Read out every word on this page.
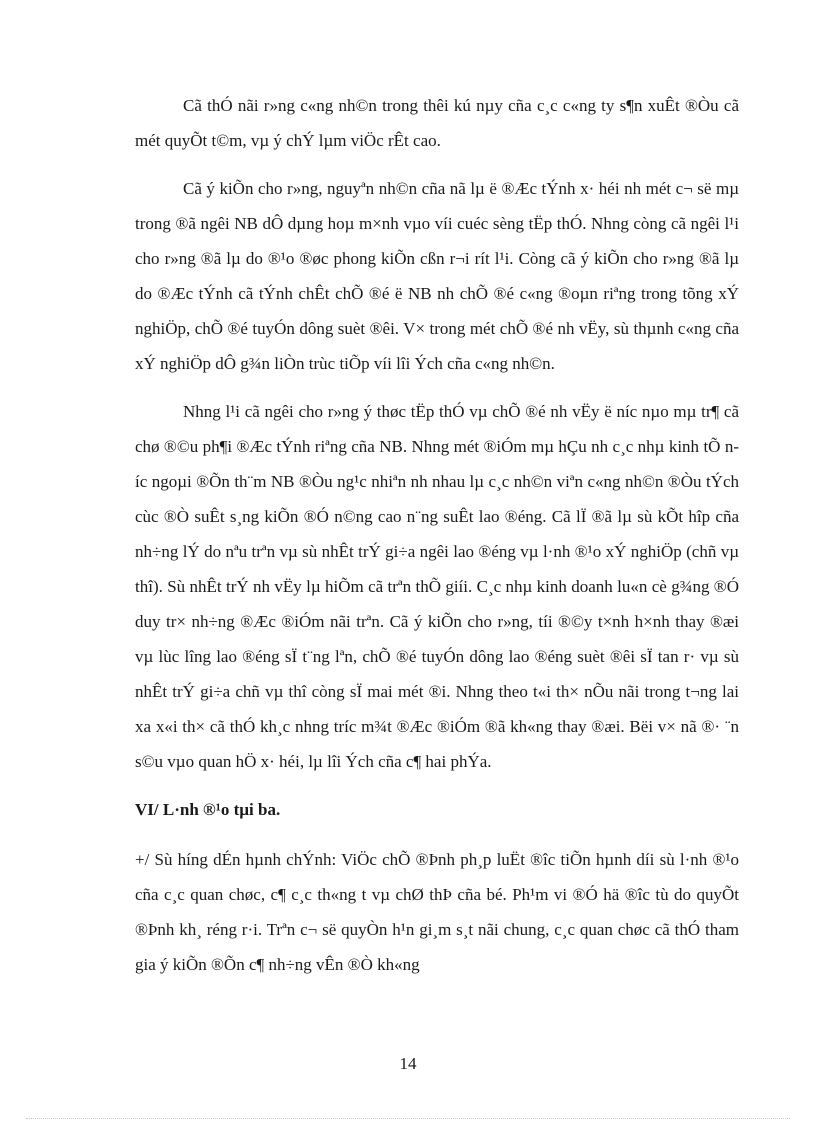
Cã thÓ nãi r»ng c«ng nh©n trong thêi kú nµy cña c¸c c«ng ty s¶n xuÊt ®Òu cã mét quyÕt t©m, vµ ý chÝ lµm viÖc rÊt cao.

Cã ý kiÕn cho r»ng, nguyªn nh©n cña nã lµ ë ®Æc tÝnh x· héi nh mét c¬ së mµ trong ®ã ngêi NB dÔ dµng hoµ m×nh vµo víi cuéc sèng tËp thÓ. Nhng còng cã ngêi l¹i cho r»ng ®ã lµ do ®¹o ®øc phong kiÕn cßn r¬i rít l¹i. Còng cã ý kiÕn cho r»ng ®ã lµ do ®Æc tÝnh cã tÝnh chÊt chÕ ®é ë NB nh chÕ ®é c«ng ®oµn riªng trong tõng xÝ nghiÖp, chÕ ®é tuyÓn dông suèt ®êi. V× trong mét chÕ ®é nh vËy, sù thµnh c«ng cña xÝ nghiÖp dÔ g¾n liÒn trùc tiÕp víi lîi Ých cña c«ng nh©n.

Nhng l¹i cã ngêi cho r»ng ý thøc tËp thÓ vµ chÕ ®é nh vËy ë níc nµo mµ tr¶ cã chø ®©u ph¶i ®Æc tÝnh riªng cña NB. Nhng mét ®iÓm mµ hÇu nh c¸c nhµ kinh tÕ níc ngoµi ®Õn th¨m NB ®Òu ng¹c nhiªn nh nhau lµ c¸c nh©n viªn c«ng nh©n ®Òu tÝch cùc ®Ò suÊt s¸ng kiÕn ®Ó n©ng cao n¨ng suÊt lao ®éng. Cã lÏ ®ã lµ sù kÕt hîp cña nh÷ng lÝ do nªu trªn vµ sù nhÊt trÝ gi÷a ngêi lao ®éng vµ l·nh ®¹o xÝ nghiÖp (chñ vµ thî). Sù nhÊt trÝ nh vËy lµ hiÕm cã trªn thÕ giíi. C¸c nhµ kinh doanh lu«n cè g¾ng ®Ó duy tr× nh÷ng ®Æc ®iÓm nãi trªn. Cã ý kiÕn cho r»ng, tíi ®©y t×nh h×nh thay ®æi vµ lùc lîng lao ®éng sÏ t¨ng lªn, chÕ ®é tuyÓn dông lao ®éng suèt ®êi sÏ tan r· vµ sù nhÊt trÝ gi÷a chñ vµ thî còng sÏ mai mét ®i. Nhng theo t«i th× nÕu nãi trong t¬ng lai xa x«i th× cã thÓ kh¸c nhng tríc m¾t ®Æc ®iÓm ®ã kh«ng thay ®æi. Bëi v× nã ®· ¨n s©u vµo quan hÖ x· héi, lµ lîi Ých cña c¶ hai phÝa.

VI/ L·nh ®¹o tµi ba.

+/ Sù híng dÉn hµnh chÝnh: ViÖc chÕ ®Þnh ph¸p luËt ®îc tiÕn hµnh díi sù l·nh ®¹o cña c¸c quan chøc, c¶ c¸c th«ng t vµ chØ thÞ cña bé. Ph¹m vi ®Ó hä ®îc tù do quyÕt ®Þnh kh¸ réng r·i. Trªn c¬ së quyÒn h¹n gi¸m s¸t nãi chung, c¸c quan chøc cã thÓ tham gia ý kiÕn ®Õn c¶ nh÷ng vÊn ®Ò kh«ng

14
